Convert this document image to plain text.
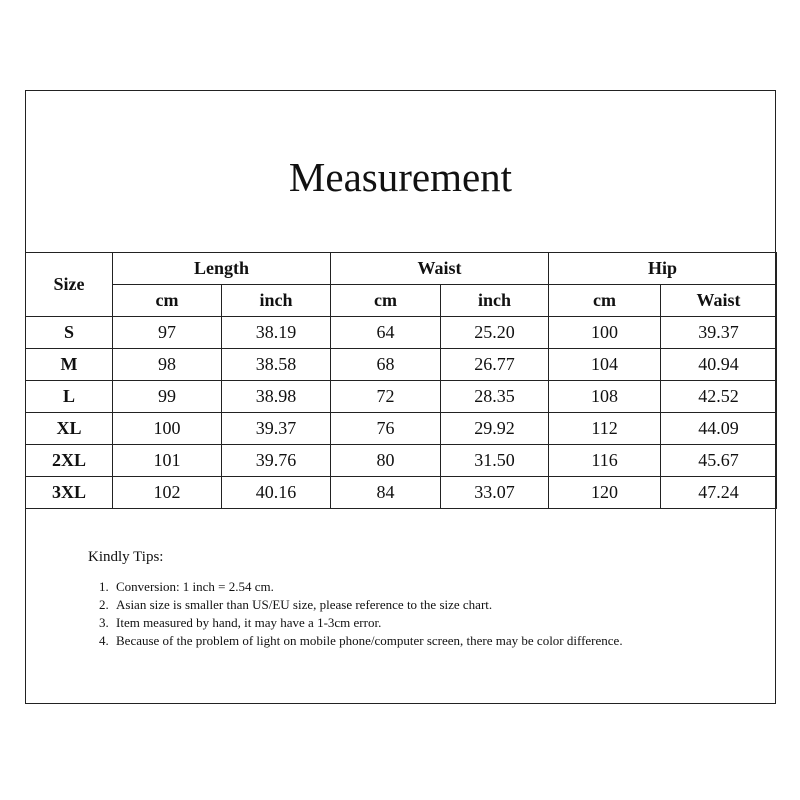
Measurement
Size	Length		Waist		Hip	
	cm	inch	cm	inch	cm	Waist
S	97	38.19	64	25.20	100	39.37
M	98	38.58	68	26.77	104	40.94
L	99	38.98	72	28.35	108	42.52
XL	100	39.37	76	29.92	112	44.09
2XL	101	39.76	80	31.50	116	45.67
3XL	102	40.16	84	33.07	120	47.24
Kindly Tips:
1. Conversion: 1 inch = 2.54 cm.
2. Asian size is smaller than US/EU size, please reference to the size chart.
3. Item measured by hand, it may have a 1-3cm error.
4. Because of the problem of light on mobile phone/computer screen, there may be color difference.
